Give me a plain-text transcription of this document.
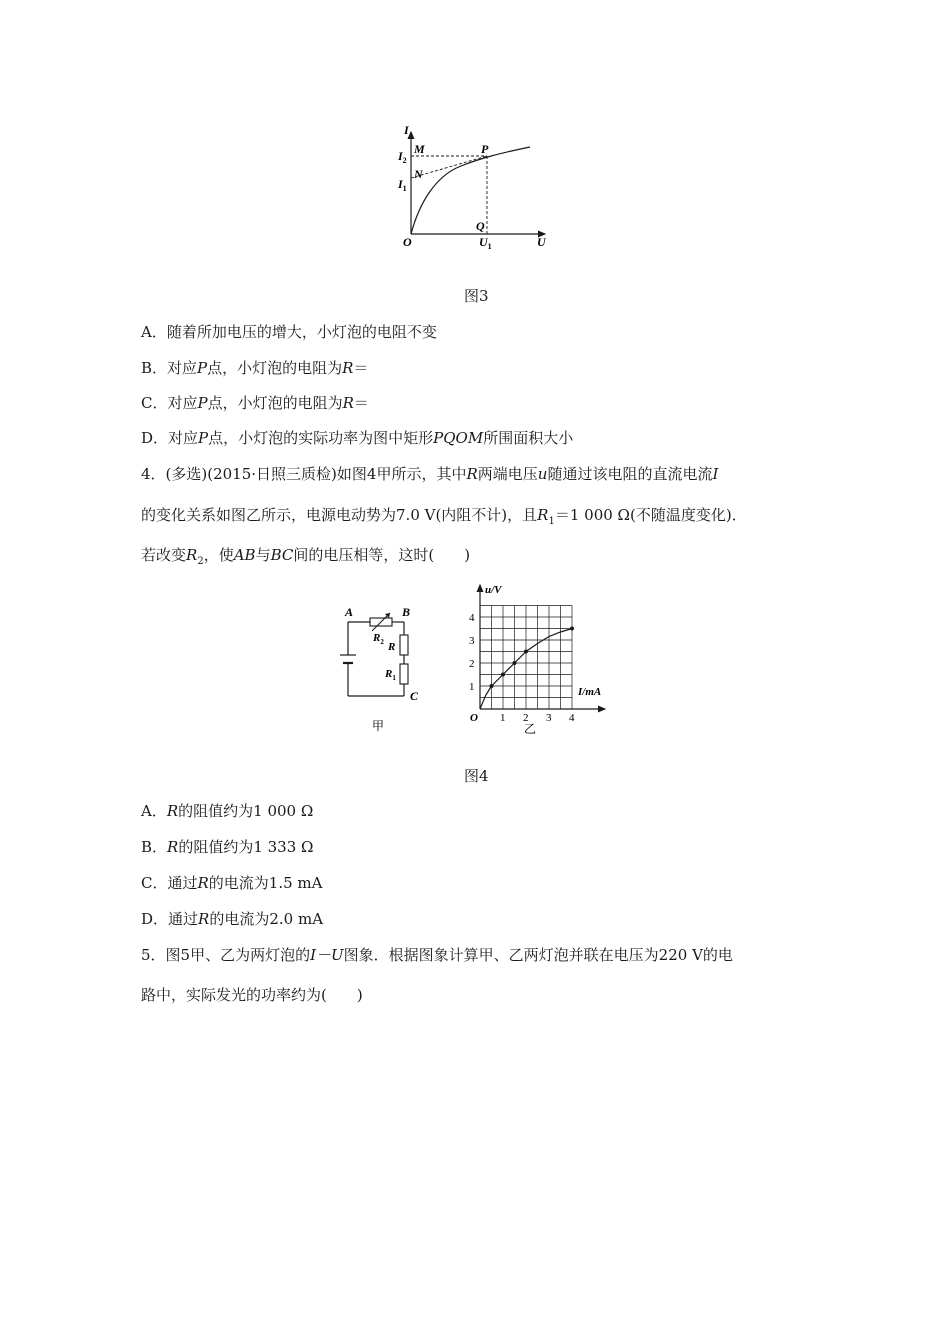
I
U
O
M
N
P
Q
$I_2$
$I_1$
$U_1$
图3
A．随着所加电压的增大，小灯泡的电阻不变
B．对应P点，小灯泡的电阻为R＝
C．对应P点，小灯泡的电阻为R＝
D．对应P点，小灯泡的实际功率为图中矩形PQOM所围面积大小
4．(多选)(2015·日照三质检)如图4甲所示，其中R两端电压u随通过该电阻的直流电流I
的变化关系如图乙所示，电源电动势为7.0 V(内阻不计)，且$R_1=1$ 000 Ω(不随温度变化)．
若改变$R_2$，使AB与BC间的电压相等，这时(　　)
A	B
C
$R_2$ R
$R_1$
甲
1 2 3 4
1
2
3
4
u/V
I/mA
O
乙
图4
A．R的阻值约为1 000 Ω
B．R的阻值约为1 333 Ω
C．通过R的电流为1.5 mA
D．通过R的电流为2.0 mA
5．图5甲、乙为两灯泡的I－U图象．根据图象计算甲、乙两灯泡并联在电压为220 V的电
路中，实际发光的功率约为(　　)
